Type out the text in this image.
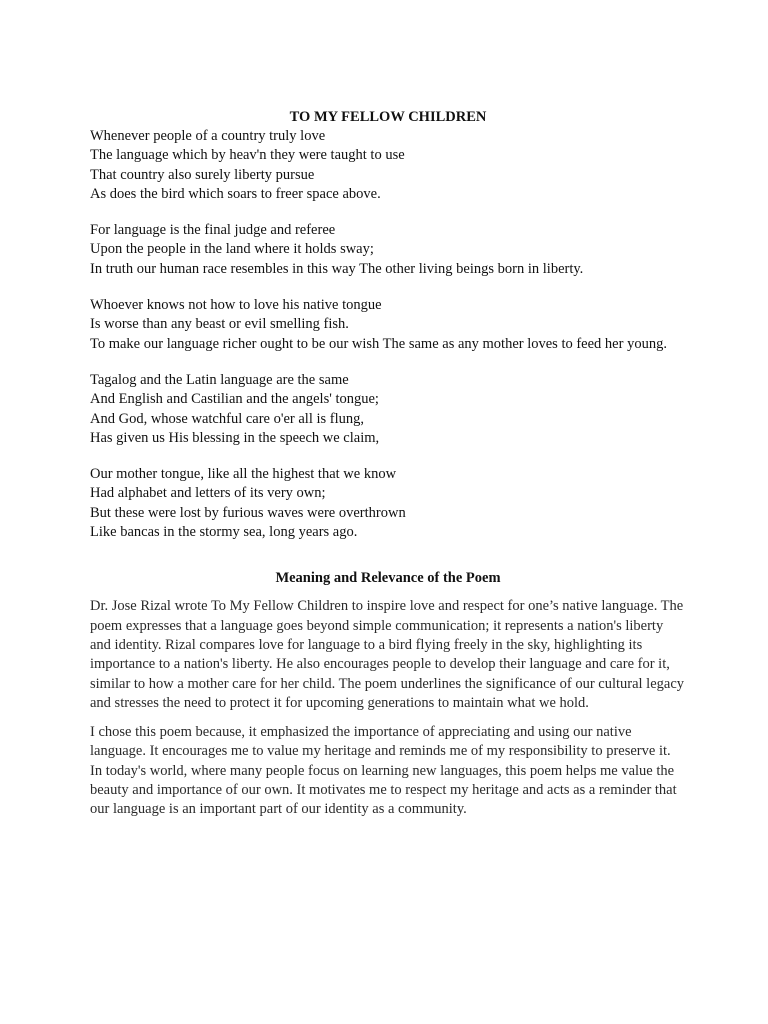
TO MY FELLOW CHILDREN

Whenever people of a country truly love
The language which by heav'n they were taught to use
That country also surely liberty pursue
As does the bird which soars to freer space above.

For language is the final judge and referee
Upon the people in the land where it holds sway;
In truth our human race resembles in this way The other living beings born in liberty.

Whoever knows not how to love his native tongue
Is worse than any beast or evil smelling fish.
To make our language richer ought to be our wish The same as any mother loves to feed her young.

Tagalog and the Latin language are the same
And English and Castilian and the angels' tongue;
And God, whose watchful care o'er all is flung,
Has given us His blessing in the speech we claim,

Our mother tongue, like all the highest that we know
Had alphabet and letters of its very own;
But these were lost by furious waves were overthrown
Like bancas in the stormy sea, long years ago.

Meaning and Relevance of the Poem

Dr. Jose Rizal wrote To My Fellow Children to inspire love and respect for one’s native language. The poem expresses that a language goes beyond simple communication; it represents a nation's liberty and identity. Rizal compares love for language to a bird flying freely in the sky, highlighting its importance to a nation's liberty. He also encourages people to develop their language and care for it, similar to how a mother care for her child. The poem underlines the significance of our cultural legacy and stresses the need to protect it for upcoming generations to maintain what we hold.

I chose this poem because, it emphasized the importance of appreciating and using our native language. It encourages me to value my heritage and reminds me of my responsibility to preserve it. In today's world, where many people focus on learning new languages, this poem helps me value the beauty and importance of our own. It motivates me to respect my heritage and acts as a reminder that our language is an important part of our identity as a community.
